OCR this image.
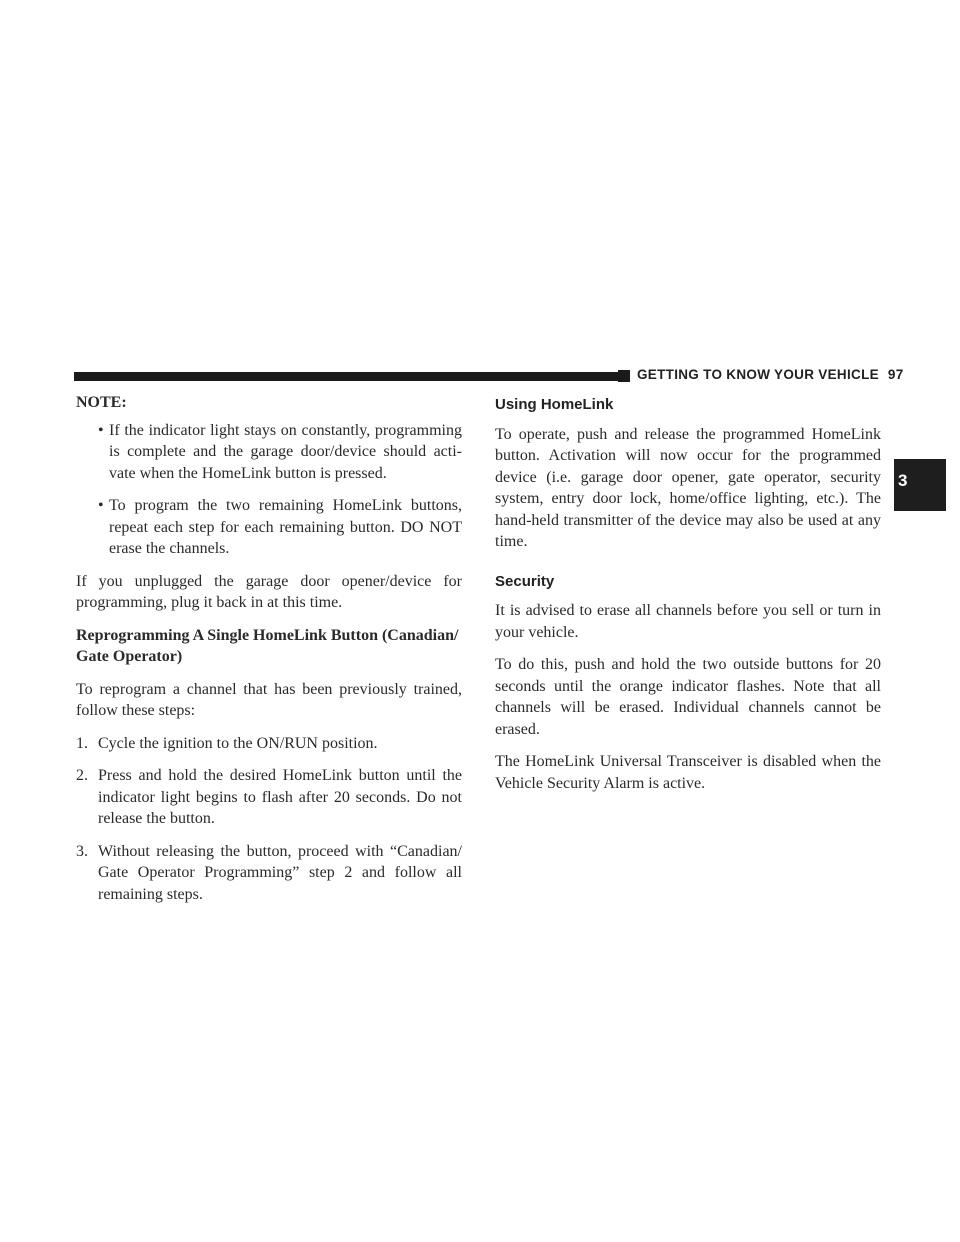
GETTING TO KNOW YOUR VEHICLE 97
3

NOTE:

• If the indicator light stays on constantly, programming is complete and the garage door/device should acti- vate when the HomeLink button is pressed.
• To program the two remaining HomeLink buttons, repeat each step for each remaining button. DO NOT erase the channels.

If you unplugged the garage door opener/device for programming, plug it back in at this time.

Reprogramming A Single HomeLink Button (Canadian/ Gate Operator)

To reprogram a channel that has been previously trained, follow these steps:

1. Cycle the ignition to the ON/RUN position.
2. Press and hold the desired HomeLink button until the indicator light begins to flash after 20 seconds. Do not release the button.
3. Without releasing the button, proceed with “Canadian/ Gate Operator Programming” step 2 and follow all remaining steps.
Using HomeLink

To operate, push and release the programmed HomeLink button. Activation will now occur for the programmed device (i.e. garage door opener, gate operator, security system, entry door lock, home/office lighting, etc.). The hand-held transmitter of the device may also be used at any time.

Security

It is advised to erase all channels before you sell or turn in your vehicle.

To do this, push and hold the two outside buttons for 20 seconds until the orange indicator flashes. Note that all channels will be erased. Individual channels cannot be erased.

The HomeLink Universal Transceiver is disabled when the Vehicle Security Alarm is active.
